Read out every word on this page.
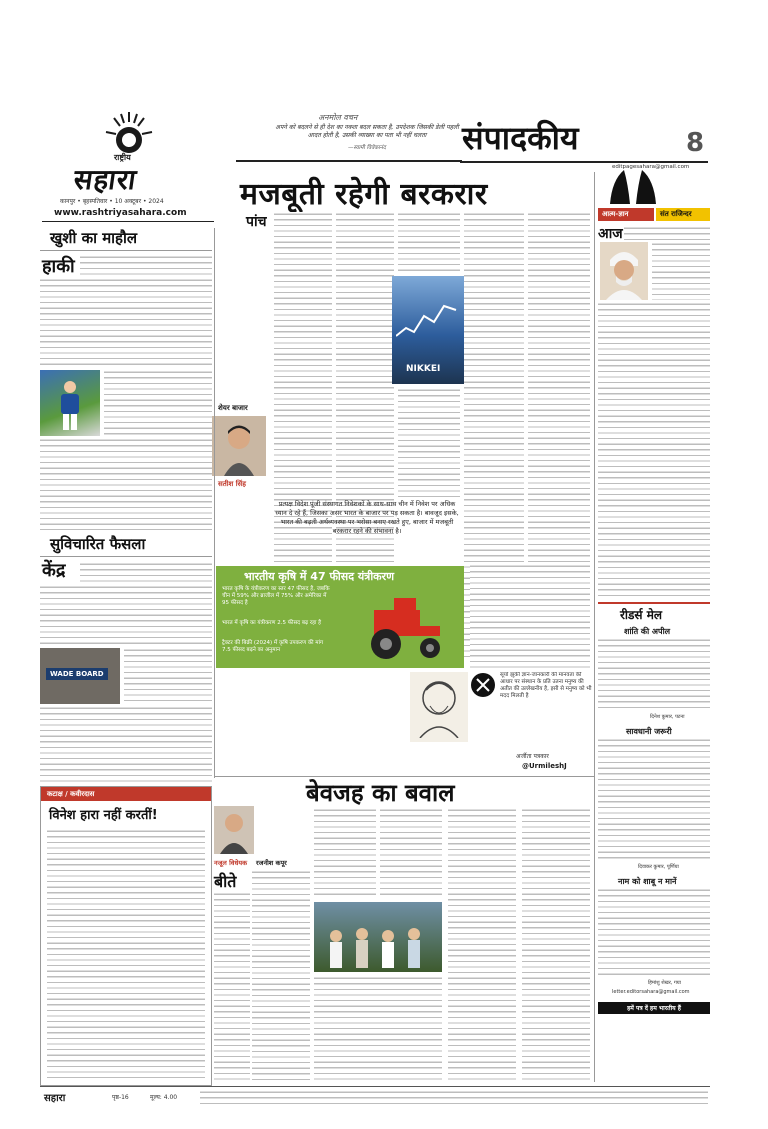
राष्ट्रीय
सहारा
कानपुर • बृहस्पतिवार • 10 अक्टूबर • 2024
www.rashtriyasahara.com
अनमोल वचन
अपने को बदलने से ही देश का नक्शा बदल सकता है, उपदेशक जिसकी डेली पहली आदत होती है, उसकी व्याख्या का पता भी नहीं चलता
—स्वामी विवेकानंद संपादकीय	8
editpagesahara@gmail.com
खुशी का माहौल
हाकी
सुविचारित फैसला
केंद्र
WADE BOARD
मजबूती रहेगी बरकरार
पांच
शेयर बाजार
सतीश सिंह
NIKKEI
प्रत्यक्ष विदेश पूंजी संस्थागत निवेशकों के साथ-साथ चीन में निवेश पर अधिक ध्यान दे रहे हैं, जिसका असर भारत के बाजार पर पड़ सकता है। बावजूद इसके, भारत की बढ़ती अर्थव्यवस्था पर भरोसा बनाए रखते हुए, बाजार में मजबूती बरकरार रहने की संभावना है।
भारतीय कृषि में 47 फीसद यंत्रीकरण
भारत कृषि के यंत्रीकरण का स्तर 47 फीसद है, जबकि चीन में 59% और ब्राजील में 75% और अमेरिका में 95 फीसद है
भारत में कृषि का यंत्रीकरण 2.5 फीसद बढ़ रहा है
ट्रैक्टर की बिक्री (2024) में कृषि उपकरण की मांग 7.5 फीसद बढ़ने का अनुमान
सूर्या झुकी ज्ञान-जानकारी की मानवता की आधार पर संस्थान के प्रति उतना मनुष्य की अतीत की उल्लेखनीय है, इसी से मनुष्य को भी मदद मिलती है
अर्जीता पत्रकार
@UrmileshJ
कटाक्ष / कवीरदास
विनेश हारा नहीं करतीं!
बेवजह का बवाल
नजूल विधेयक रजनीश कपूर
बीते
आत्म-ज्ञान	संत राजिन्दर
आज
रीडर्स मेल
शांति की अपील
दिनेश कुमार, पटना
सावधानी जरूरी
दिवाकर कुमार, पूर्णिया
नाम को शाबू न मानें
हिमांशु शेखर, गया
letter.editorsahara@gmail.com
हमें पत्र दें हम भारतीय हैं
सहारा	पृष्ठ-16	मूल्य: 4.00
